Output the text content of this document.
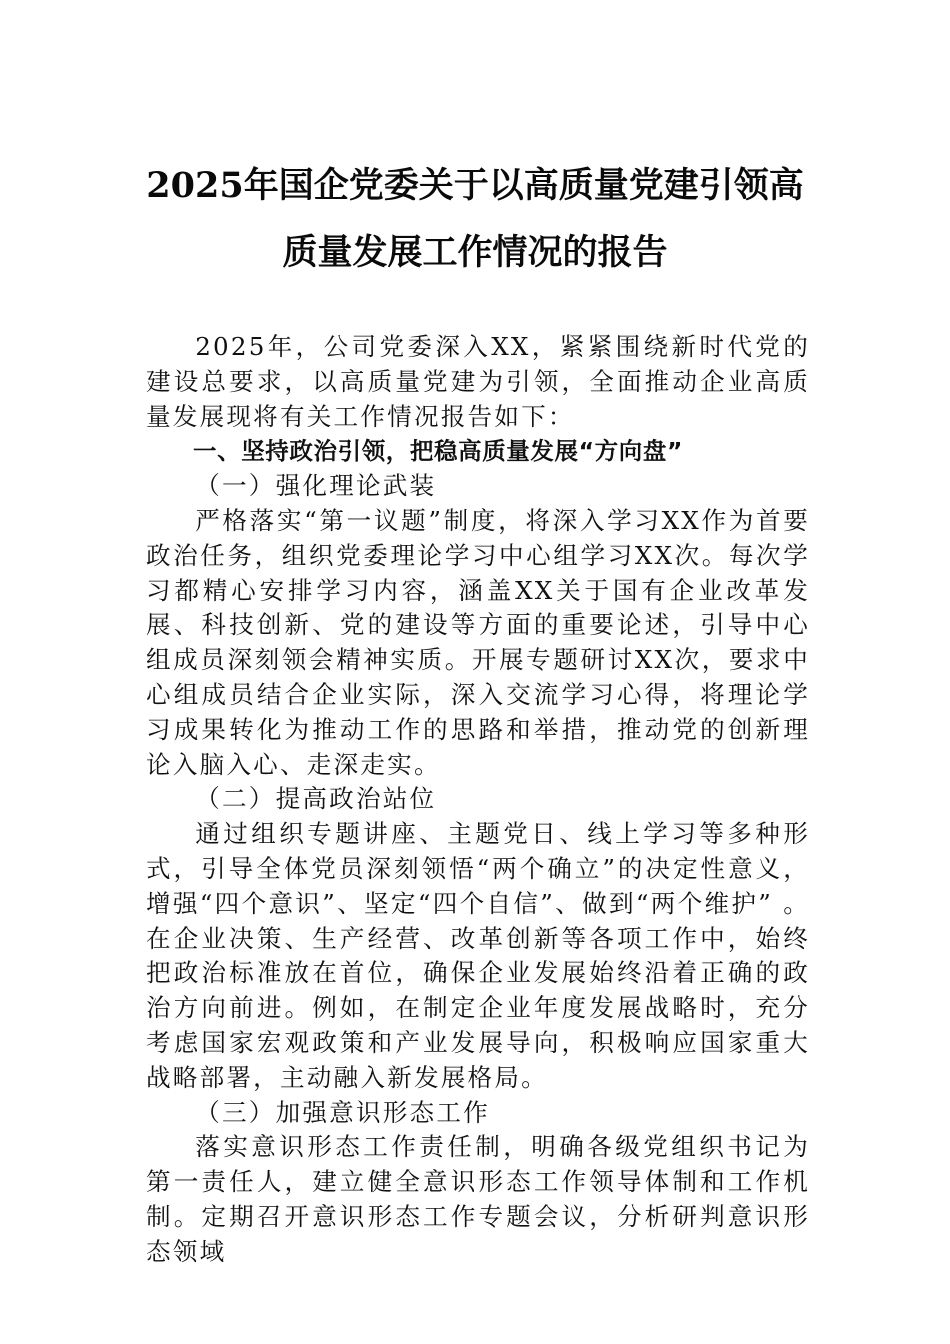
2025年国企党委关于以高质量党建引领高
质量发展工作情况的报告

2025年，公司党委深入XX，紧紧围绕新时代党的建设总要求，以高质量党建为引领，全面推动企业高质量发展现将有关工作情况报告如下：

一、坚持政治引领，把稳高质量发展“方向盘”

（一）强化理论武装

严格落实“第一议题”制度，将深入学习XX作为首要政治任务，组织党委理论学习中心组学习XX次。每次学习都精心安排学习内容，涵盖XX关于国有企业改革发展、科技创新、党的建设等方面的重要论述，引导中心组成员深刻领会精神实质。开展专题研讨XX次，要求中心组成员结合企业实际，深入交流学习心得，将理论学习成果转化为推动工作的思路和举措，推动党的创新理论入脑入心、走深走实。

（二）提高政治站位

通过组织专题讲座、主题党日、线上学习等多种形式，引导全体党员深刻领悟“两个确立”的决定性意义，增强“四个意识”、坚定“四个自信”、做到“两个维护” 。在企业决策、生产经营、改革创新等各项工作中，始终把政治标准放在首位，确保企业发展始终沿着正确的政治方向前进。例如，在制定企业年度发展战略时，充分考虑国家宏观政策和产业发展导向，积极响应国家重大战略部署，主动融入新发展格局。

（三）加强意识形态工作

落实意识形态工作责任制，明确各级党组织书记为第一责任人，建立健全意识形态工作领导体制和工作机制。定期召开意识形态工作专题会议，分析研判意识形态领域
